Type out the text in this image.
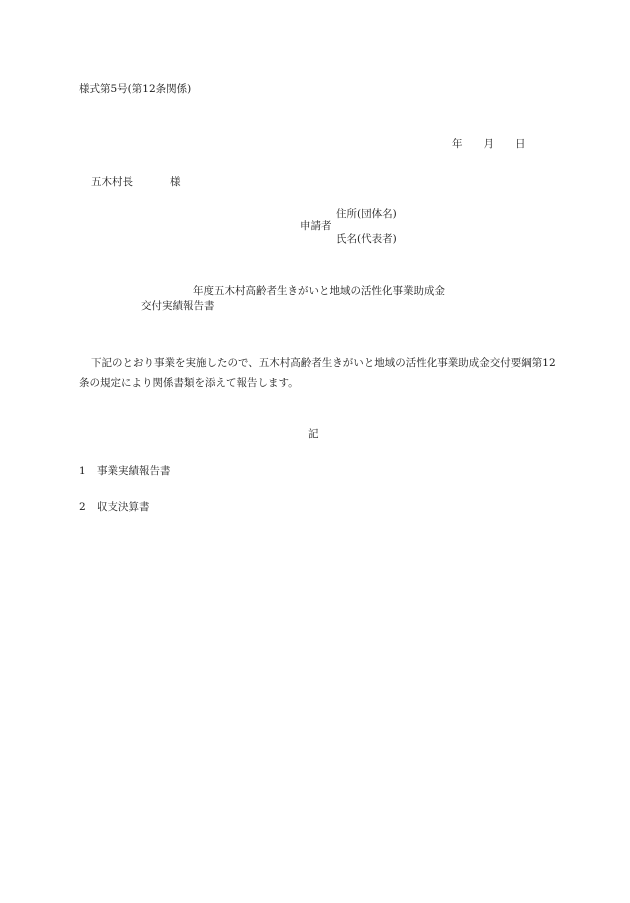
様式第5号(第12条関係)
年 月 日
五木村長	様
申請者
住所(団体名)
氏名(代表者)
年度五木村高齢者生きがいと地域の活性化事業助成金
交付実績報告書
下記のとおり事業を実施したので、五木村高齢者生きがいと地域の活性化事業助成金交付要綱第12条の規定により関係書類を添えて報告します。
記
1 事業実績報告書
2 収支決算書
